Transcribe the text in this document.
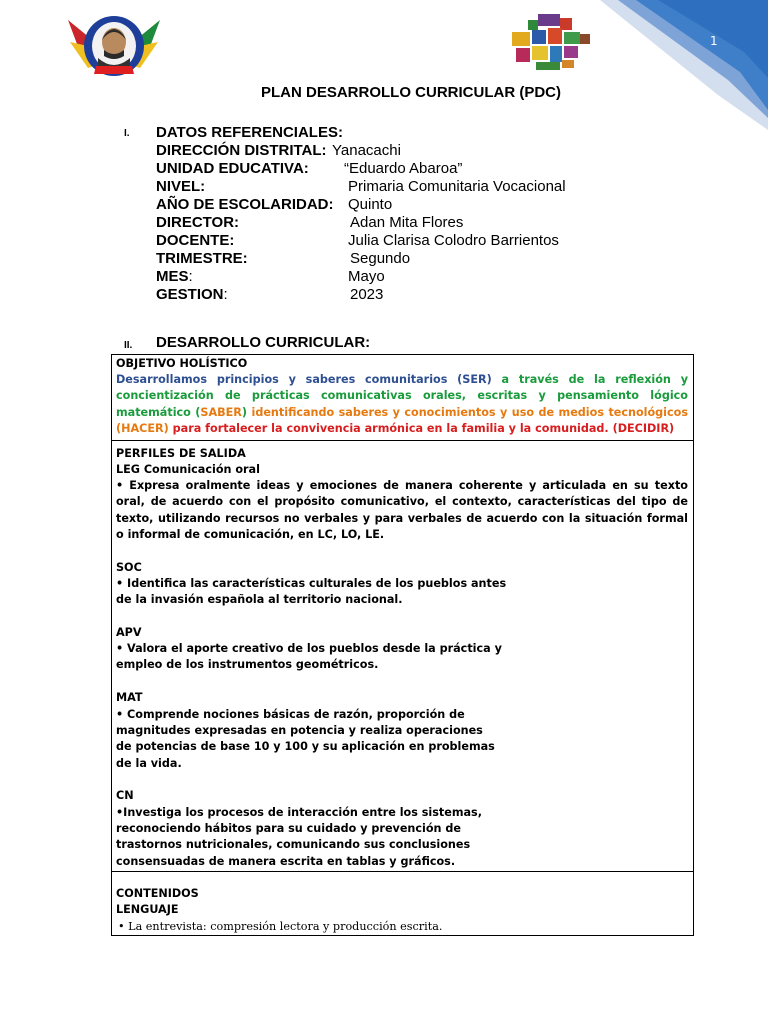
1
PLAN DESARROLLO CURRICULAR (PDC)
I. DATOS REFERENCIALES:
DIRECCIÓN DISTRITAL: Yanacachi
UNIDAD EDUCATIVA: “Eduardo Abaroa”
NIVEL:	Primaria Comunitaria Vocacional
AÑO DE ESCOLARIDAD: Quinto
DIRECTOR:	Adan Mita Flores
DOCENTE:	Julia Clarisa Colodro Barrientos
TRIMESTRE:	Segundo
MES:	Mayo
GESTION:	2023
II. DESARROLLO CURRICULAR:
OBJETIVO HOLÍSTICO
Desarrollamos principios y saberes comunitarios (SER) a través de la reflexión y concientización de prácticas comunicativas orales, escritas y pensamiento lógico matemático (SABER) identificando saberes y conocimientos y uso de medios tecnológicos (HACER) para fortalecer la convivencia armónica en la familia y la comunidad. (DECIDIR)
PERFILES DE SALIDA
LEG Comunicación oral
• Expresa oralmente ideas y emociones de manera coherente y articulada en su texto oral, de acuerdo con el propósito comunicativo, el contexto, características del tipo de texto, utilizando recursos no verbales y para verbales de acuerdo con la situación formal o informal de comunicación, en LC, LO, LE.
SOC
• Identifica las características culturales de los pueblos antes
de la invasión española al territorio nacional.
APV
• Valora el aporte creativo de los pueblos desde la práctica y
empleo de los instrumentos geométricos.
MAT
• Comprende nociones básicas de razón, proporción de
magnitudes expresadas en potencia y realiza operaciones
de potencias de base 10 y 100 y su aplicación en problemas
de la vida.
CN
•Investiga los procesos de interacción entre los sistemas,
reconociendo hábitos para su cuidado y prevención de
trastornos nutricionales, comunicando sus conclusiones
consensuadas de manera escrita en tablas y gráficos.
CONTENIDOS
LENGUAJE
• La entrevista: compresión lectora y producción escrita.
